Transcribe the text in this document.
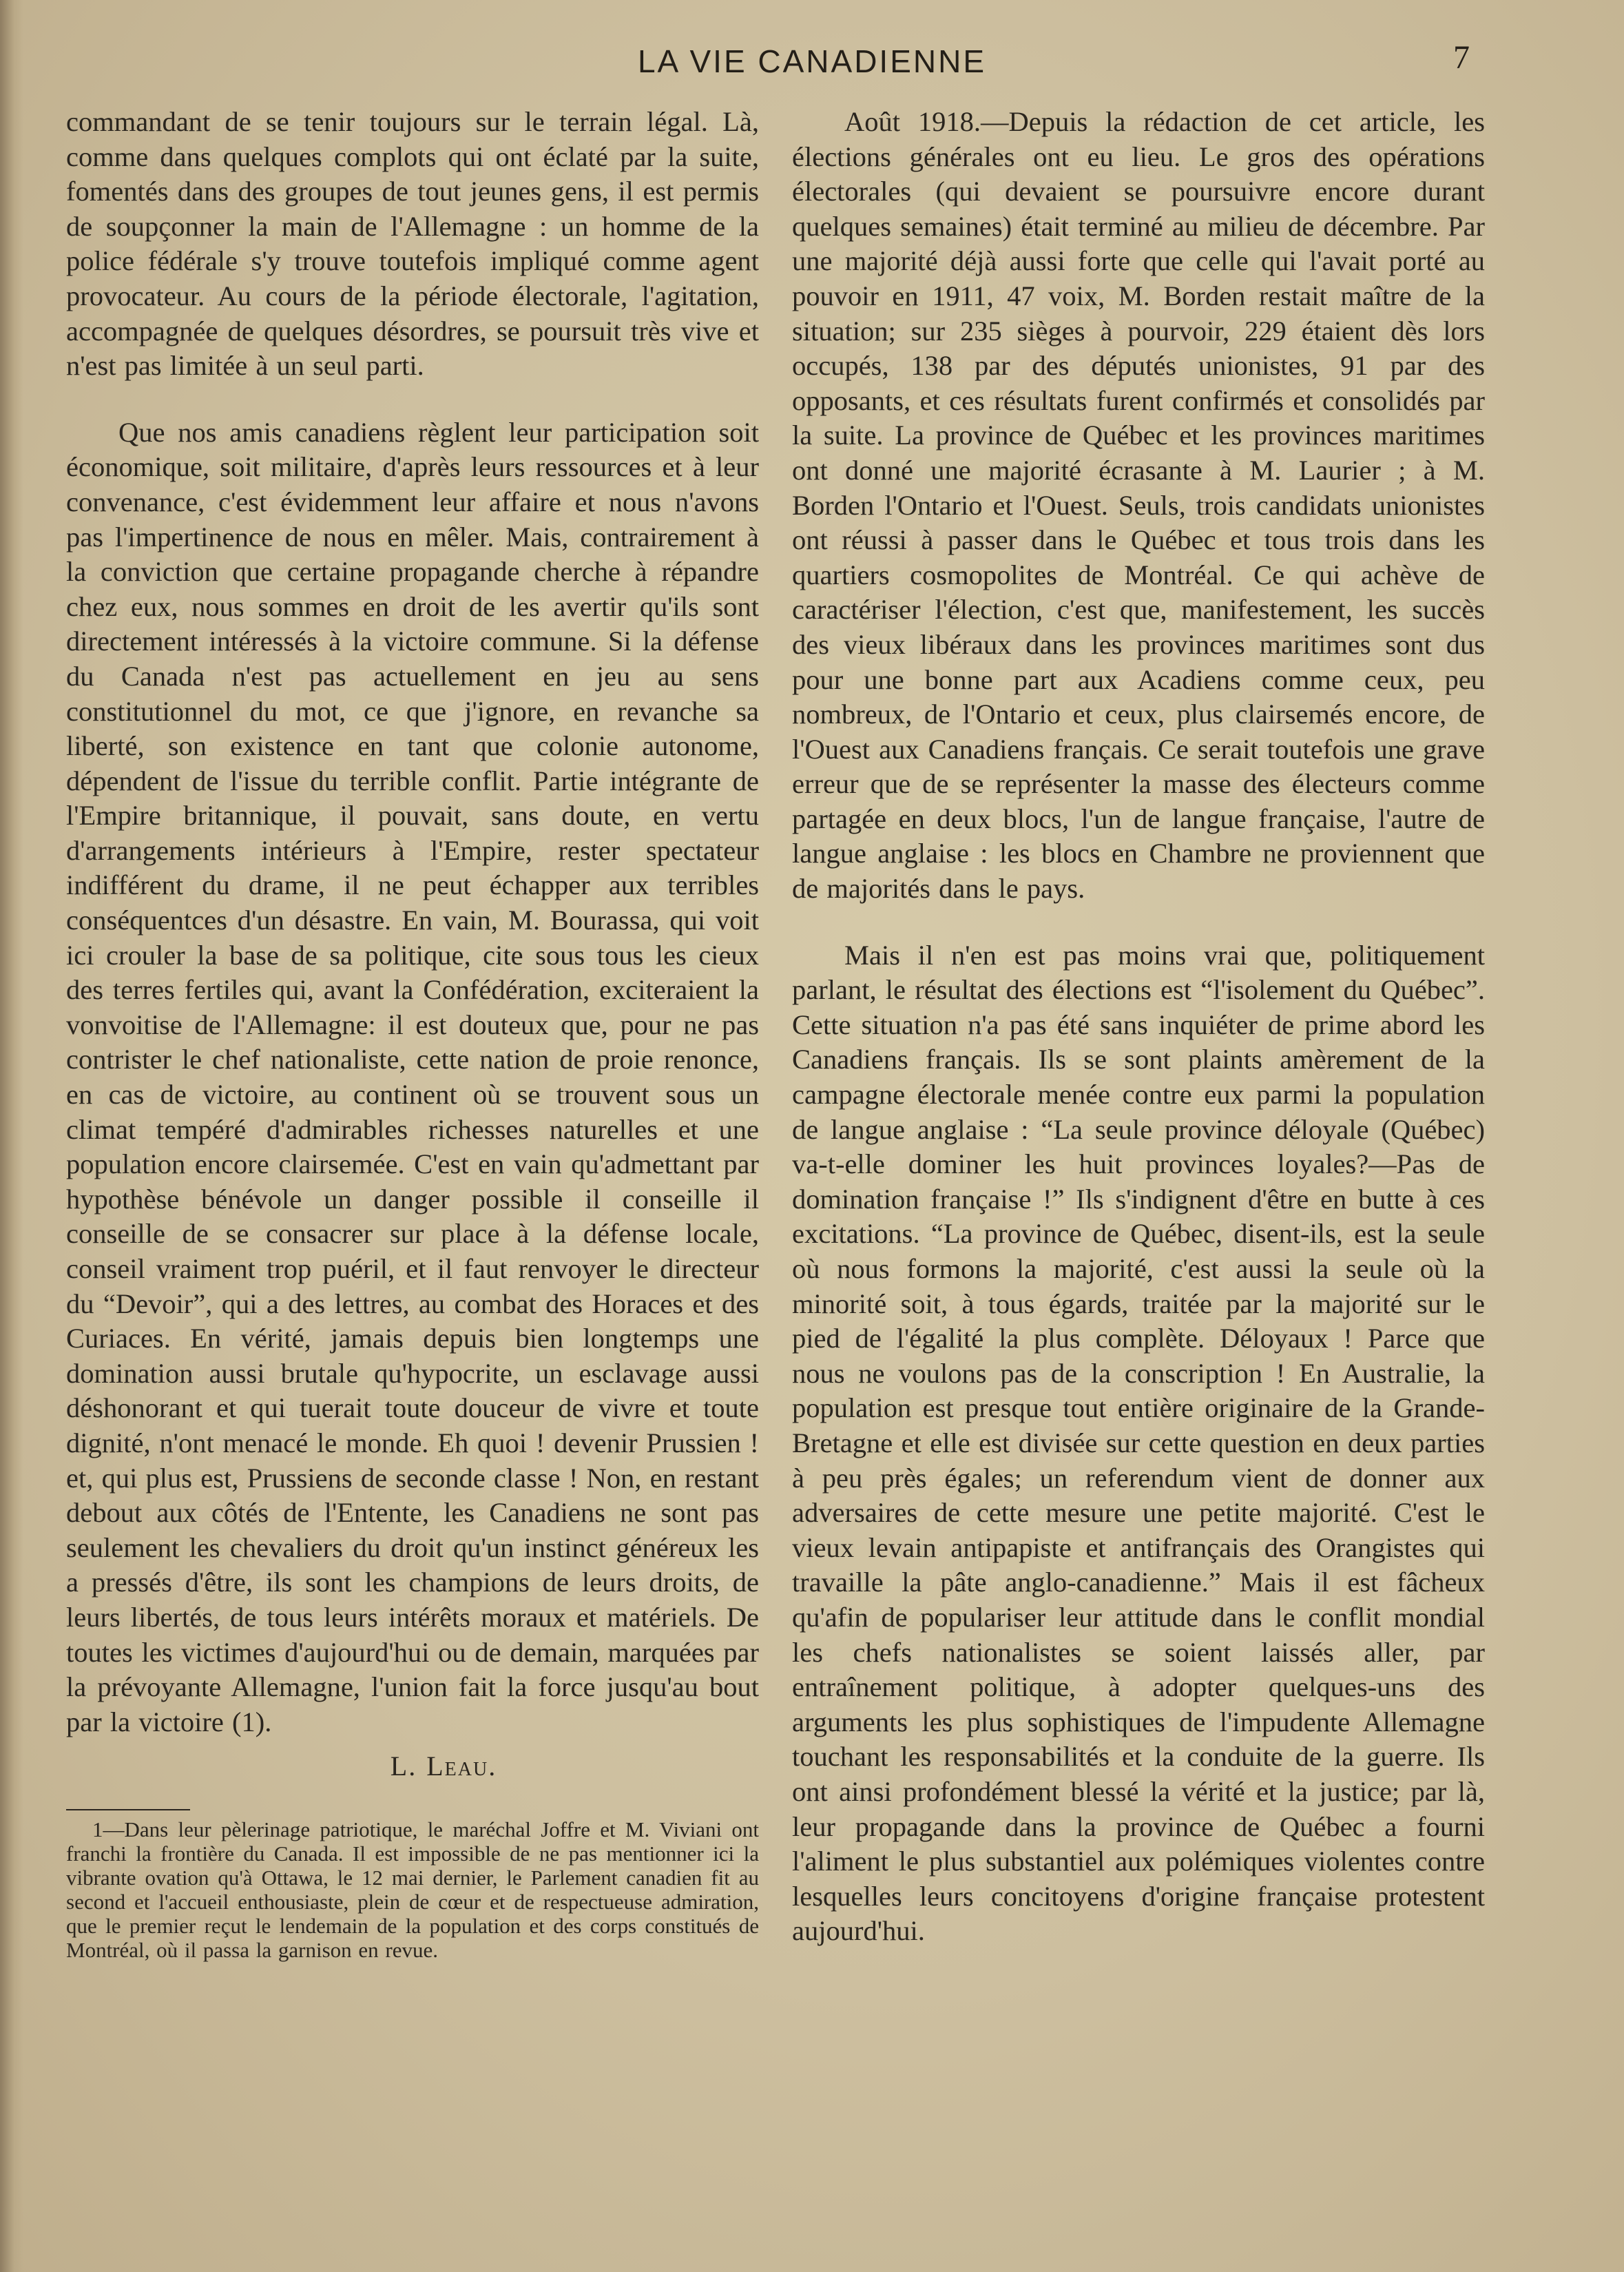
LA VIE CANADIENNE	7

commandant de se tenir toujours sur le terrain légal. Là, comme dans quelques complots qui ont éclaté par la suite, fomentés dans des groupes de tout jeunes gens, il est permis de soupçonner la main de l'Allemagne : un homme de la police fédérale s'y trouve toutefois impliqué comme agent provocateur. Au cours de la période électorale, l'agitation, accompagnée de quelques désordres, se poursuit très vive et n'est pas limitée à un seul parti.

Que nos amis canadiens règlent leur participation soit économique, soit militaire, d'après leurs ressources et à leur convenance, c'est évidemment leur affaire et nous n'avons pas l'impertinence de nous en mêler. Mais, contrairement à la conviction que certaine propagande cherche à répandre chez eux, nous sommes en droit de les avertir qu'ils sont directement intéressés à la victoire commune. Si la défense du Canada n'est pas actuellement en jeu au sens constitutionnel du mot, ce que j'ignore, en revanche sa liberté, son existence en tant que colonie autonome, dépendent de l'issue du terrible conflit. Partie intégrante de l'Empire britannique, il pouvait, sans doute, en vertu d'arrangements intérieurs à l'Empire, rester spectateur indifférent du drame, il ne peut échapper aux terribles conséquentces d'un désastre. En vain, M. Bourassa, qui voit ici crouler la base de sa politique, cite sous tous les cieux des terres fertiles qui, avant la Confédération, exciteraient la vonvoitise de l'Allemagne: il est douteux que, pour ne pas contrister le chef nationaliste, cette nation de proie renonce, en cas de victoire, au continent où se trouvent sous un climat tempéré d'admirables richesses naturelles et une population encore clairsemée. C'est en vain qu'admettant par hypothèse bénévole un danger possible il conseille il conseille de se consacrer sur place à la défense locale, conseil vraiment trop puéril, et il faut renvoyer le directeur du “Devoir”, qui a des lettres, au combat des Horaces et des Curiaces. En vérité, jamais depuis bien longtemps une domination aussi brutale qu'hypocrite, un esclavage aussi déshonorant et qui tuerait toute douceur de vivre et toute dignité, n'ont menacé le monde. Eh quoi ! devenir Prussien ! et, qui plus est, Prussiens de seconde classe ! Non, en restant debout aux côtés de l'Entente, les Canadiens ne sont pas seulement les chevaliers du droit qu'un instinct généreux les a pressés d'être, ils sont les champions de leurs droits, de leurs libertés, de tous leurs intérêts moraux et matériels. De toutes les victimes d'aujourd'hui ou de demain, marquées par la prévoyante Allemagne, l'union fait la force jusqu'au bout par la victoire (1).

L. Leau.
1—Dans leur pèlerinage patriotique, le maréchal Joffre et M. Viviani ont franchi la frontière du Canada. Il est impossible de ne pas mentionner ici la vibrante ovation qu'à Ottawa, le 12 mai dernier, le Parlement canadien fit au second et l'accueil enthousiaste, plein de cœur et de respectueuse admiration, que le premier reçut le lendemain de la population et des corps constitués de Montréal, où il passa la garnison en revue.

Août 1918.—Depuis la rédaction de cet article, les élections générales ont eu lieu. Le gros des opérations électorales (qui devaient se poursuivre encore durant quelques semaines) était terminé au milieu de décembre. Par une majorité déjà aussi forte que celle qui l'avait porté au pouvoir en 1911, 47 voix, M. Borden restait maître de la situation; sur 235 sièges à pourvoir, 229 étaient dès lors occupés, 138 par des députés unionistes, 91 par des opposants, et ces résultats furent confirmés et consolidés par la suite. La province de Québec et les provinces maritimes ont donné une majorité écrasante à M. Laurier ; à M. Borden l'Ontario et l'Ouest. Seuls, trois candidats unionistes ont réussi à passer dans le Québec et tous trois dans les quartiers cosmopolites de Montréal. Ce qui achève de caractériser l'élection, c'est que, manifestement, les succès des vieux libéraux dans les provinces maritimes sont dus pour une bonne part aux Acadiens comme ceux, peu nombreux, de l'Ontario et ceux, plus clairsemés encore, de l'Ouest aux Canadiens français. Ce serait toutefois une grave erreur que de se représenter la masse des électeurs comme partagée en deux blocs, l'un de langue française, l'autre de langue anglaise : les blocs en Chambre ne proviennent que de majorités dans le pays.

Mais il n'en est pas moins vrai que, politiquement parlant, le résultat des élections est “l'isolement du Québec”. Cette situation n'a pas été sans inquiéter de prime abord les Canadiens français. Ils se sont plaints amèrement de la campagne électorale menée contre eux parmi la population de langue anglaise : “La seule province déloyale (Québec) va-t-elle dominer les huit provinces loyales?—Pas de domination française !” Ils s'indignent d'être en butte à ces excitations. “La province de Québec, disent-ils, est la seule où nous formons la majorité, c'est aussi la seule où la minorité soit, à tous égards, traitée par la majorité sur le pied de l'égalité la plus complète. Déloyaux ! Parce que nous ne voulons pas de la conscription ! En Australie, la population est presque tout entière originaire de la Grande-Bretagne et elle est divisée sur cette question en deux parties à peu près égales; un referendum vient de donner aux adversaires de cette mesure une petite majorité. C'est le vieux levain antipapiste et antifrançais des Orangistes qui travaille la pâte anglo-canadienne.” Mais il est fâcheux qu'afin de populariser leur attitude dans le conflit mondial les chefs nationalistes se soient laissés aller, par entraînement politique, à adopter quelques-uns des arguments les plus sophistiques de l'impudente Allemagne touchant les responsabilités et la conduite de la guerre. Ils ont ainsi profondément blessé la vérité et la justice; par là, leur propagande dans la province de Québec a fourni l'aliment le plus substantiel aux polémiques violentes contre lesquelles leurs concitoyens d'origine française protestent aujourd'hui.
